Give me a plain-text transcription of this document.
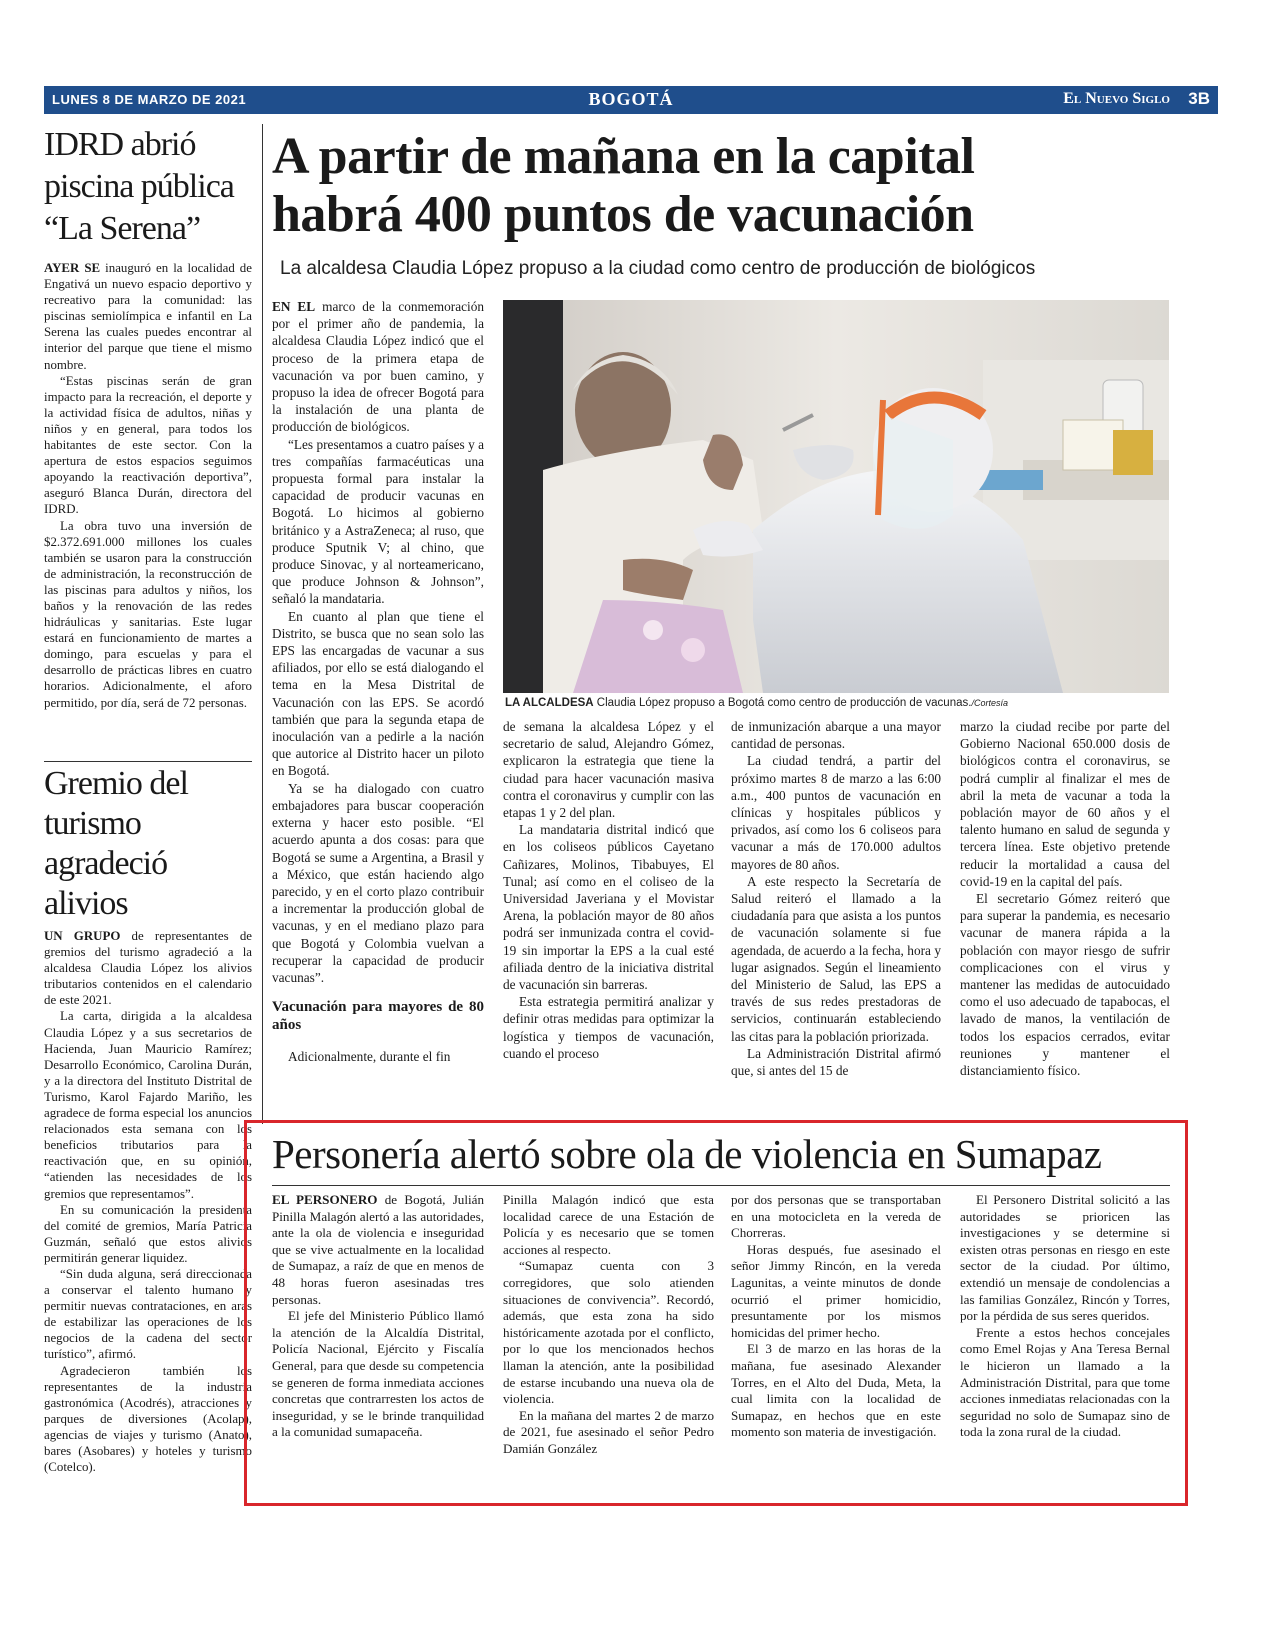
LUNES 8 DE MARZO DE 2021	BOGOTÁ	El Nuevo Siglo 3B
IDRD abrió piscina pública “La Serena”

AYER SE inauguró en la localidad de Engativá un nuevo espacio deportivo y recreativo para la comunidad: las piscinas semiolímpica e infantil en La Serena las cuales puedes encontrar al interior del parque que tiene el mismo nombre.

“Estas piscinas serán de gran impacto para la recreación, el deporte y la actividad física de adultos, niñas y niños y en general, para todos los habitantes de este sector. Con la apertura de estos espacios seguimos apoyando la reactivación deportiva”, aseguró Blanca Durán, directora del IDRD.

La obra tuvo una inversión de $2.372.691.000 millones los cuales también se usaron para la construcción de administración, la reconstrucción de las piscinas para adultos y niños, los baños y la renovación de las redes hidráulicas y sanitarias. Este lugar estará en funcionamiento de martes a domingo, para escuelas y para el desarrollo de prácticas libres en cuatro horarios. Adicionalmente, el aforo permitido, por día, será de 72 personas.

Gremio del turismo agradeció alivios

UN GRUPO de representantes de gremios del turismo agradeció a la alcaldesa Claudia López los alivios tributarios contenidos en el calendario de este 2021.

La carta, dirigida a la alcaldesa Claudia López y a sus secretarios de Hacienda, Juan Mauricio Ramírez; Desarrollo Económico, Carolina Durán, y a la directora del Instituto Distrital de Turismo, Karol Fajardo Mariño, les agradece de forma especial los anuncios relacionados esta semana con los beneficios tributarios para la reactivación que, en su opinión, “atienden las necesidades de los gremios que representamos”.

En su comunicación la presidenta del comité de gremios, María Patricia Guzmán, señaló que estos alivios permitirán generar liquidez.

“Sin duda alguna, será direccionada a conservar el talento humano y permitir nuevas contrataciones, en aras de estabilizar las operaciones de los negocios de la cadena del sector turístico”, afirmó.

Agradecieron también los representantes de la industria gastronómica (Acodrés), atracciones y parques de diversiones (Acolap), agencias de viajes y turismo (Anato), bares (Asobares) y hoteles y turismo (Cotelco).

A partir de mañana en la capital
habrá 400 puntos de vacunación
La alcaldesa Claudia López propuso a la ciudad como centro de producción de biológicos

EN EL marco de la conmemoración por el primer año de pandemia, la alcaldesa Claudia López indicó que el proceso de la primera etapa de vacunación va por buen camino, y propuso la idea de ofrecer Bogotá para la instalación de una planta de producción de biológicos.

“Les presentamos a cuatro países y a tres compañías farmacéuticas una propuesta formal para instalar la capacidad de producir vacunas en Bogotá. Lo hicimos al gobierno británico y a AstraZeneca; al ruso, que produce Sputnik V; al chino, que produce Sinovac, y al norteamericano, que produce Johnson & Johnson”, señaló la mandataria.

En cuanto al plan que tiene el Distrito, se busca que no sean solo las EPS las encargadas de vacunar a sus afiliados, por ello se está dialogando el tema en la Mesa Distrital de Vacunación con las EPS. Se acordó también que para la segunda etapa de inoculación van a pedirle a la nación que autorice al Distrito hacer un piloto en Bogotá.

Ya se ha dialogado con cuatro embajadores para buscar cooperación externa y hacer esto posible. “El acuerdo apunta a dos cosas: para que Bogotá se sume a Argentina, a Brasil y a México, que están haciendo algo parecido, y en el corto plazo contribuir a incrementar la producción global de vacunas, y en el mediano plazo para que Bogotá y Colombia vuelvan a recuperar la capacidad de producir vacunas”.

Vacunación para mayores de 80 años

Adicionalmente, durante el fin

LA ALCALDESA Claudia López propuso a Bogotá como centro de producción de vacunas./Cortesía

de semana la alcaldesa López y el secretario de salud, Alejandro Gómez, explicaron la estrategia que tiene la ciudad para hacer vacunación masiva contra el coronavirus y cumplir con las etapas 1 y 2 del plan.

La mandataria distrital indicó que en los coliseos públicos Cayetano Cañizares, Molinos, Tibabuyes, El Tunal; así como en el coliseo de la Universidad Javeriana y el Movistar Arena, la población mayor de 80 años podrá ser inmunizada contra el covid-19 sin importar la EPS a la cual esté afiliada dentro de la iniciativa distrital de vacunación sin barreras.

Esta estrategia permitirá analizar y definir otras medidas para optimizar la logística y tiempos de vacunación, cuando el proceso

de inmunización abarque a una mayor cantidad de personas.

La ciudad tendrá, a partir del próximo martes 8 de marzo a las 6:00 a.m., 400 puntos de vacunación en clínicas y hospitales públicos y privados, así como los 6 coliseos para vacunar a más de 170.000 adultos mayores de 80 años.

A este respecto la Secretaría de Salud reiteró el llamado a la ciudadanía para que asista a los puntos de vacunación solamente si fue agendada, de acuerdo a la fecha, hora y lugar asignados. Según el lineamiento del Ministerio de Salud, las EPS a través de sus redes prestadoras de servicios, continuarán estableciendo las citas para la población priorizada.

La Administración Distrital afirmó que, si antes del 15 de

marzo la ciudad recibe por parte del Gobierno Nacional 650.000 dosis de biológicos contra el coronavirus, se podrá cumplir al finalizar el mes de abril la meta de vacunar a toda la población mayor de 60 años y el talento humano en salud de segunda y tercera línea. Este objetivo pretende reducir la mortalidad a causa del covid-19 en la capital del país.

El secretario Gómez reiteró que para superar la pandemia, es necesario vacunar de manera rápida a la población con mayor riesgo de sufrir complicaciones con el virus y mantener las medidas de autocuidado como el uso adecuado de tapabocas, el lavado de manos, la ventilación de todos los espacios cerrados, evitar reuniones y mantener el distanciamiento físico.

Personería alertó sobre ola de violencia en Sumapaz

EL PERSONERO de Bogotá, Julián Pinilla Malagón alertó a las autoridades, ante la ola de violencia e inseguridad que se vive actualmente en la localidad de Sumapaz, a raíz de que en menos de 48 horas fueron asesinadas tres personas.

El jefe del Ministerio Público llamó la atención de la Alcaldía Distrital, Policía Nacional, Ejército y Fiscalía General, para que desde su competencia se generen de forma inmediata acciones concretas que contrarresten los actos de inseguridad, y se le brinde tranquilidad a la comunidad sumapaceña.

Pinilla Malagón indicó que esta localidad carece de una Estación de Policía y es necesario que se tomen acciones al respecto.

“Sumapaz cuenta con 3 corregidores, que solo atienden situaciones de convivencia”. Recordó, además, que esta zona ha sido históricamente azotada por el conflicto, por lo que los mencionados hechos llaman la atención, ante la posibilidad de estarse incubando una nueva ola de violencia.

En la mañana del martes 2 de marzo de 2021, fue asesinado el señor Pedro Damián González

por dos personas que se transportaban en una motocicleta en la vereda de Chorreras.

Horas después, fue asesinado el señor Jimmy Rincón, en la vereda Lagunitas, a veinte minutos de donde ocurrió el primer homicidio, presuntamente por los mismos homicidas del primer hecho.

El 3 de marzo en las horas de la mañana, fue asesinado Alexander Torres, en el Alto del Duda, Meta, la cual limita con la localidad de Sumapaz, en hechos que en este momento son materia de investigación.

El Personero Distrital solicitó a las autoridades se prioricen las investigaciones y se determine si existen otras personas en riesgo en este sector de la ciudad. Por último, extendió un mensaje de condolencias a las familias González, Rincón y Torres, por la pérdida de sus seres queridos.

Frente a estos hechos concejales como Emel Rojas y Ana Teresa Bernal le hicieron un llamado a la Administración Distrital, para que tome acciones inmediatas relacionadas con la seguridad no solo de Sumapaz sino de toda la zona rural de la ciudad.
